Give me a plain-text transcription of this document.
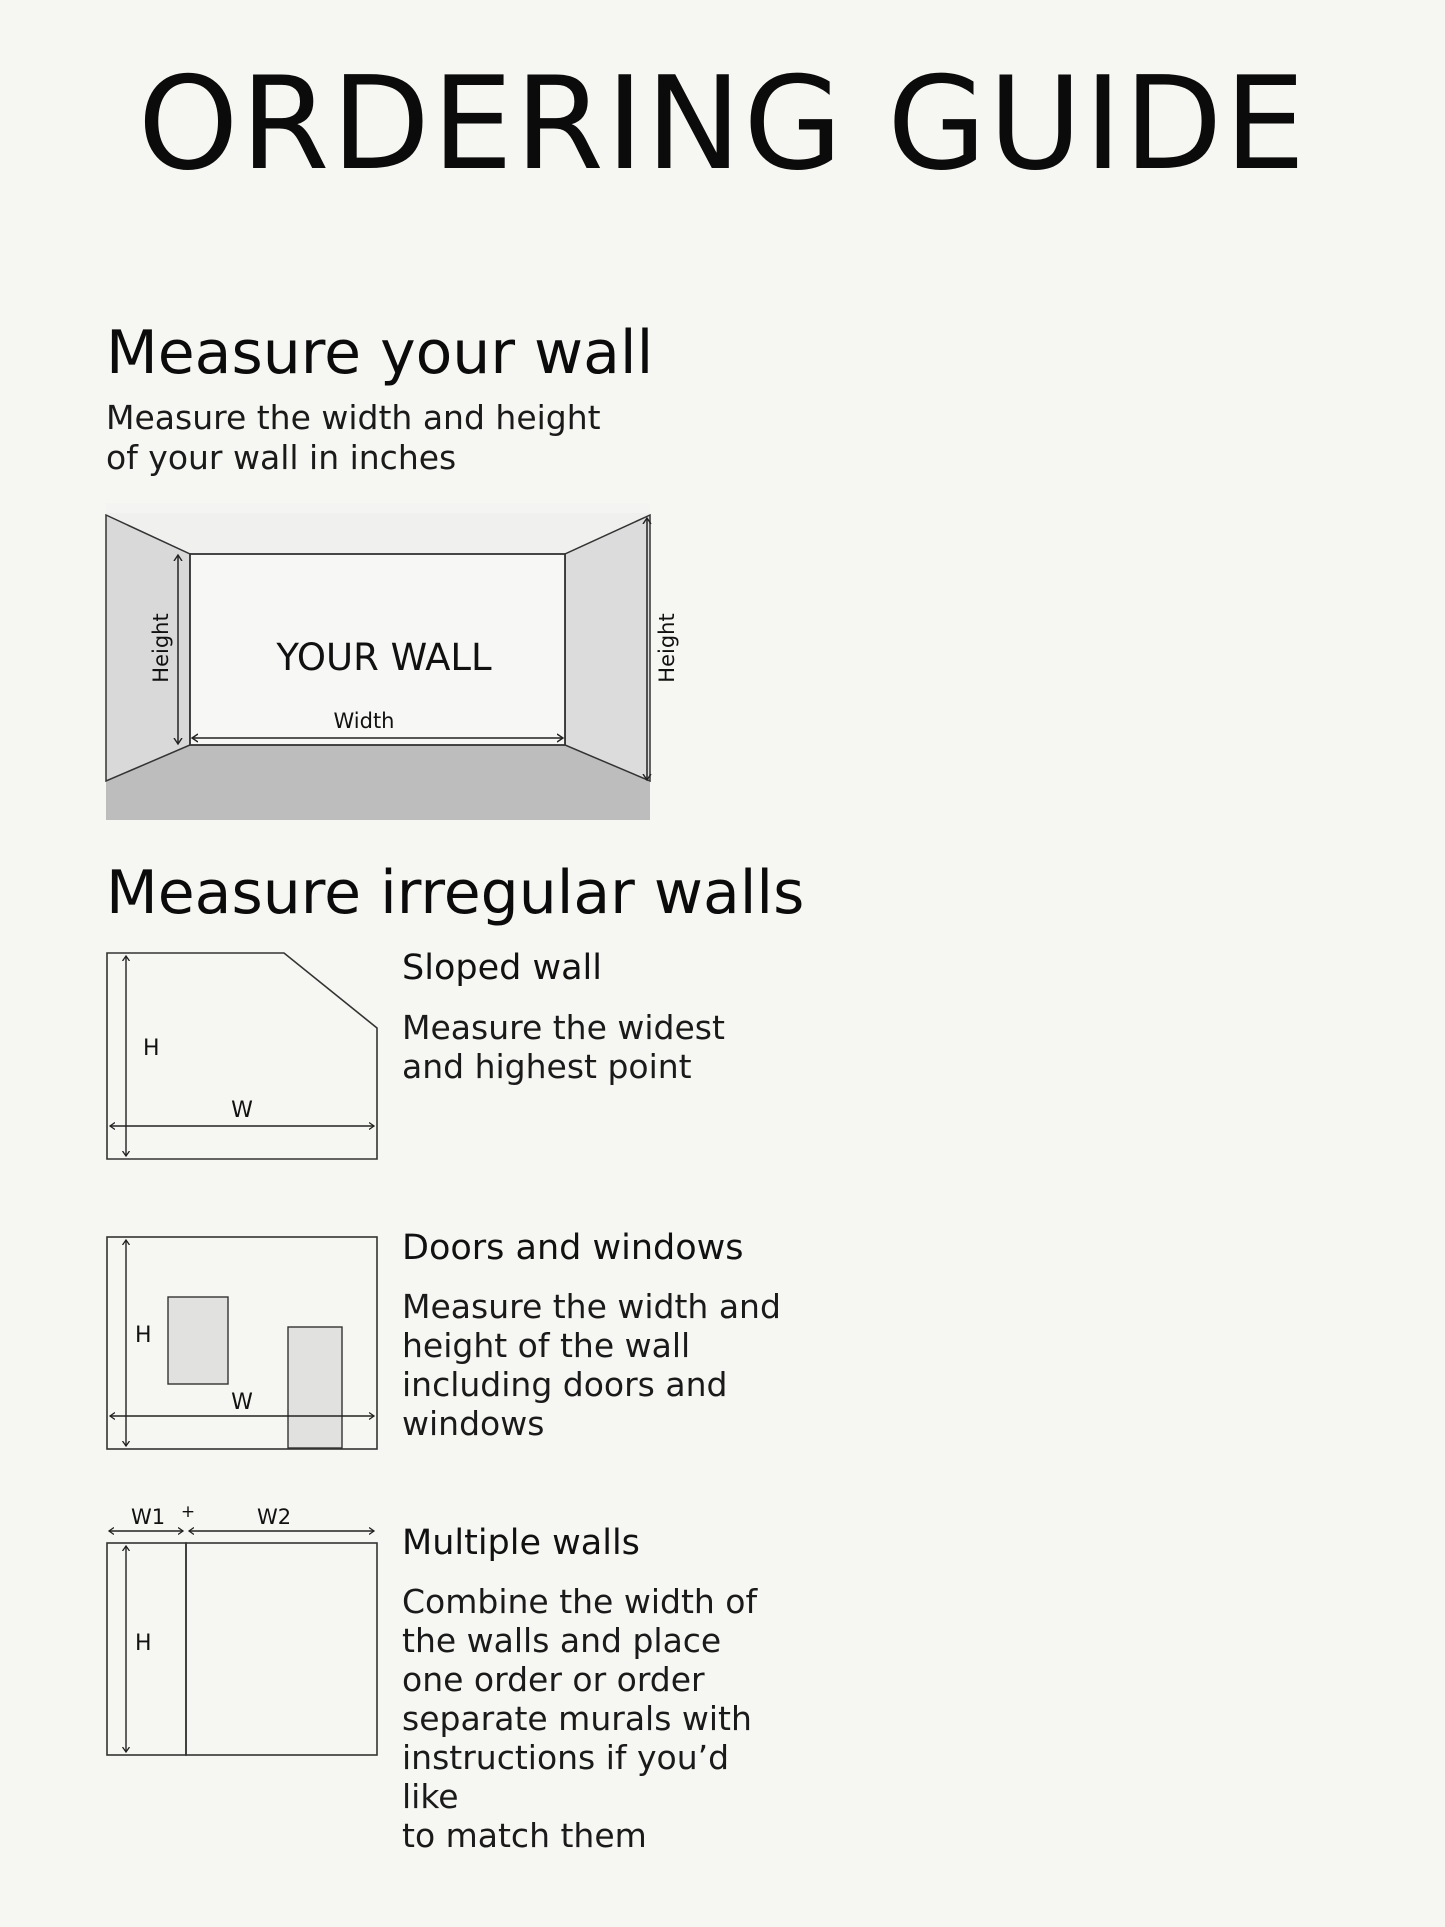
ORDERING GUIDE
Measure your wall
Measure the width and height of your wall in inches
YOUR WALL
Width
Height	Height
Measure irregular walls
H
W
Sloped wall
Measure the widest
and highest point
H
W
Doors and windows
Measure the width and
height of the wall
including doors and
windows
W1 +	W2
H
Multiple walls
Combine the width of
the walls and place
one order or order
separate murals with
instructions if you’d like
to match them
